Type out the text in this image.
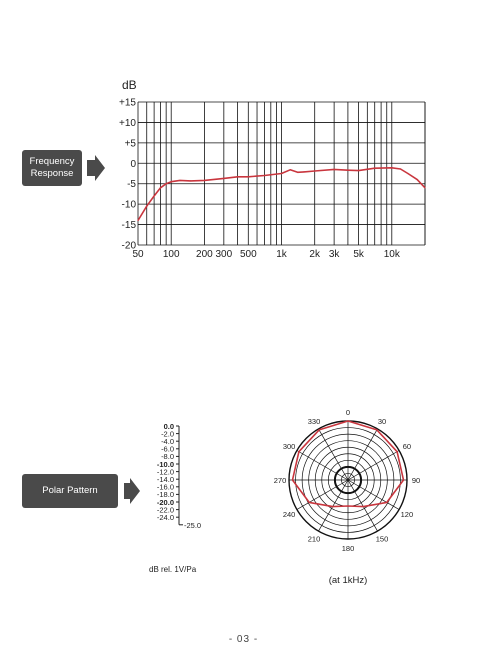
Frequency Response
+15
+10
+5
0
-5
-10
-15
-20
dB
50 100 200 300 500 1k 2k 3k 5k 10k
Polar Pattern
0.0
-2.0
-4.0
-6.0
-8.0
-10.0
-12.0
-14.0
-16.0
-18.0
-20.0
-22.0
-24.0
-25.0
dB rel. 1V/Pa
0
30
60
90
120
150
180
210
240
270
300
330
(at 1kHz)
- 03 -
